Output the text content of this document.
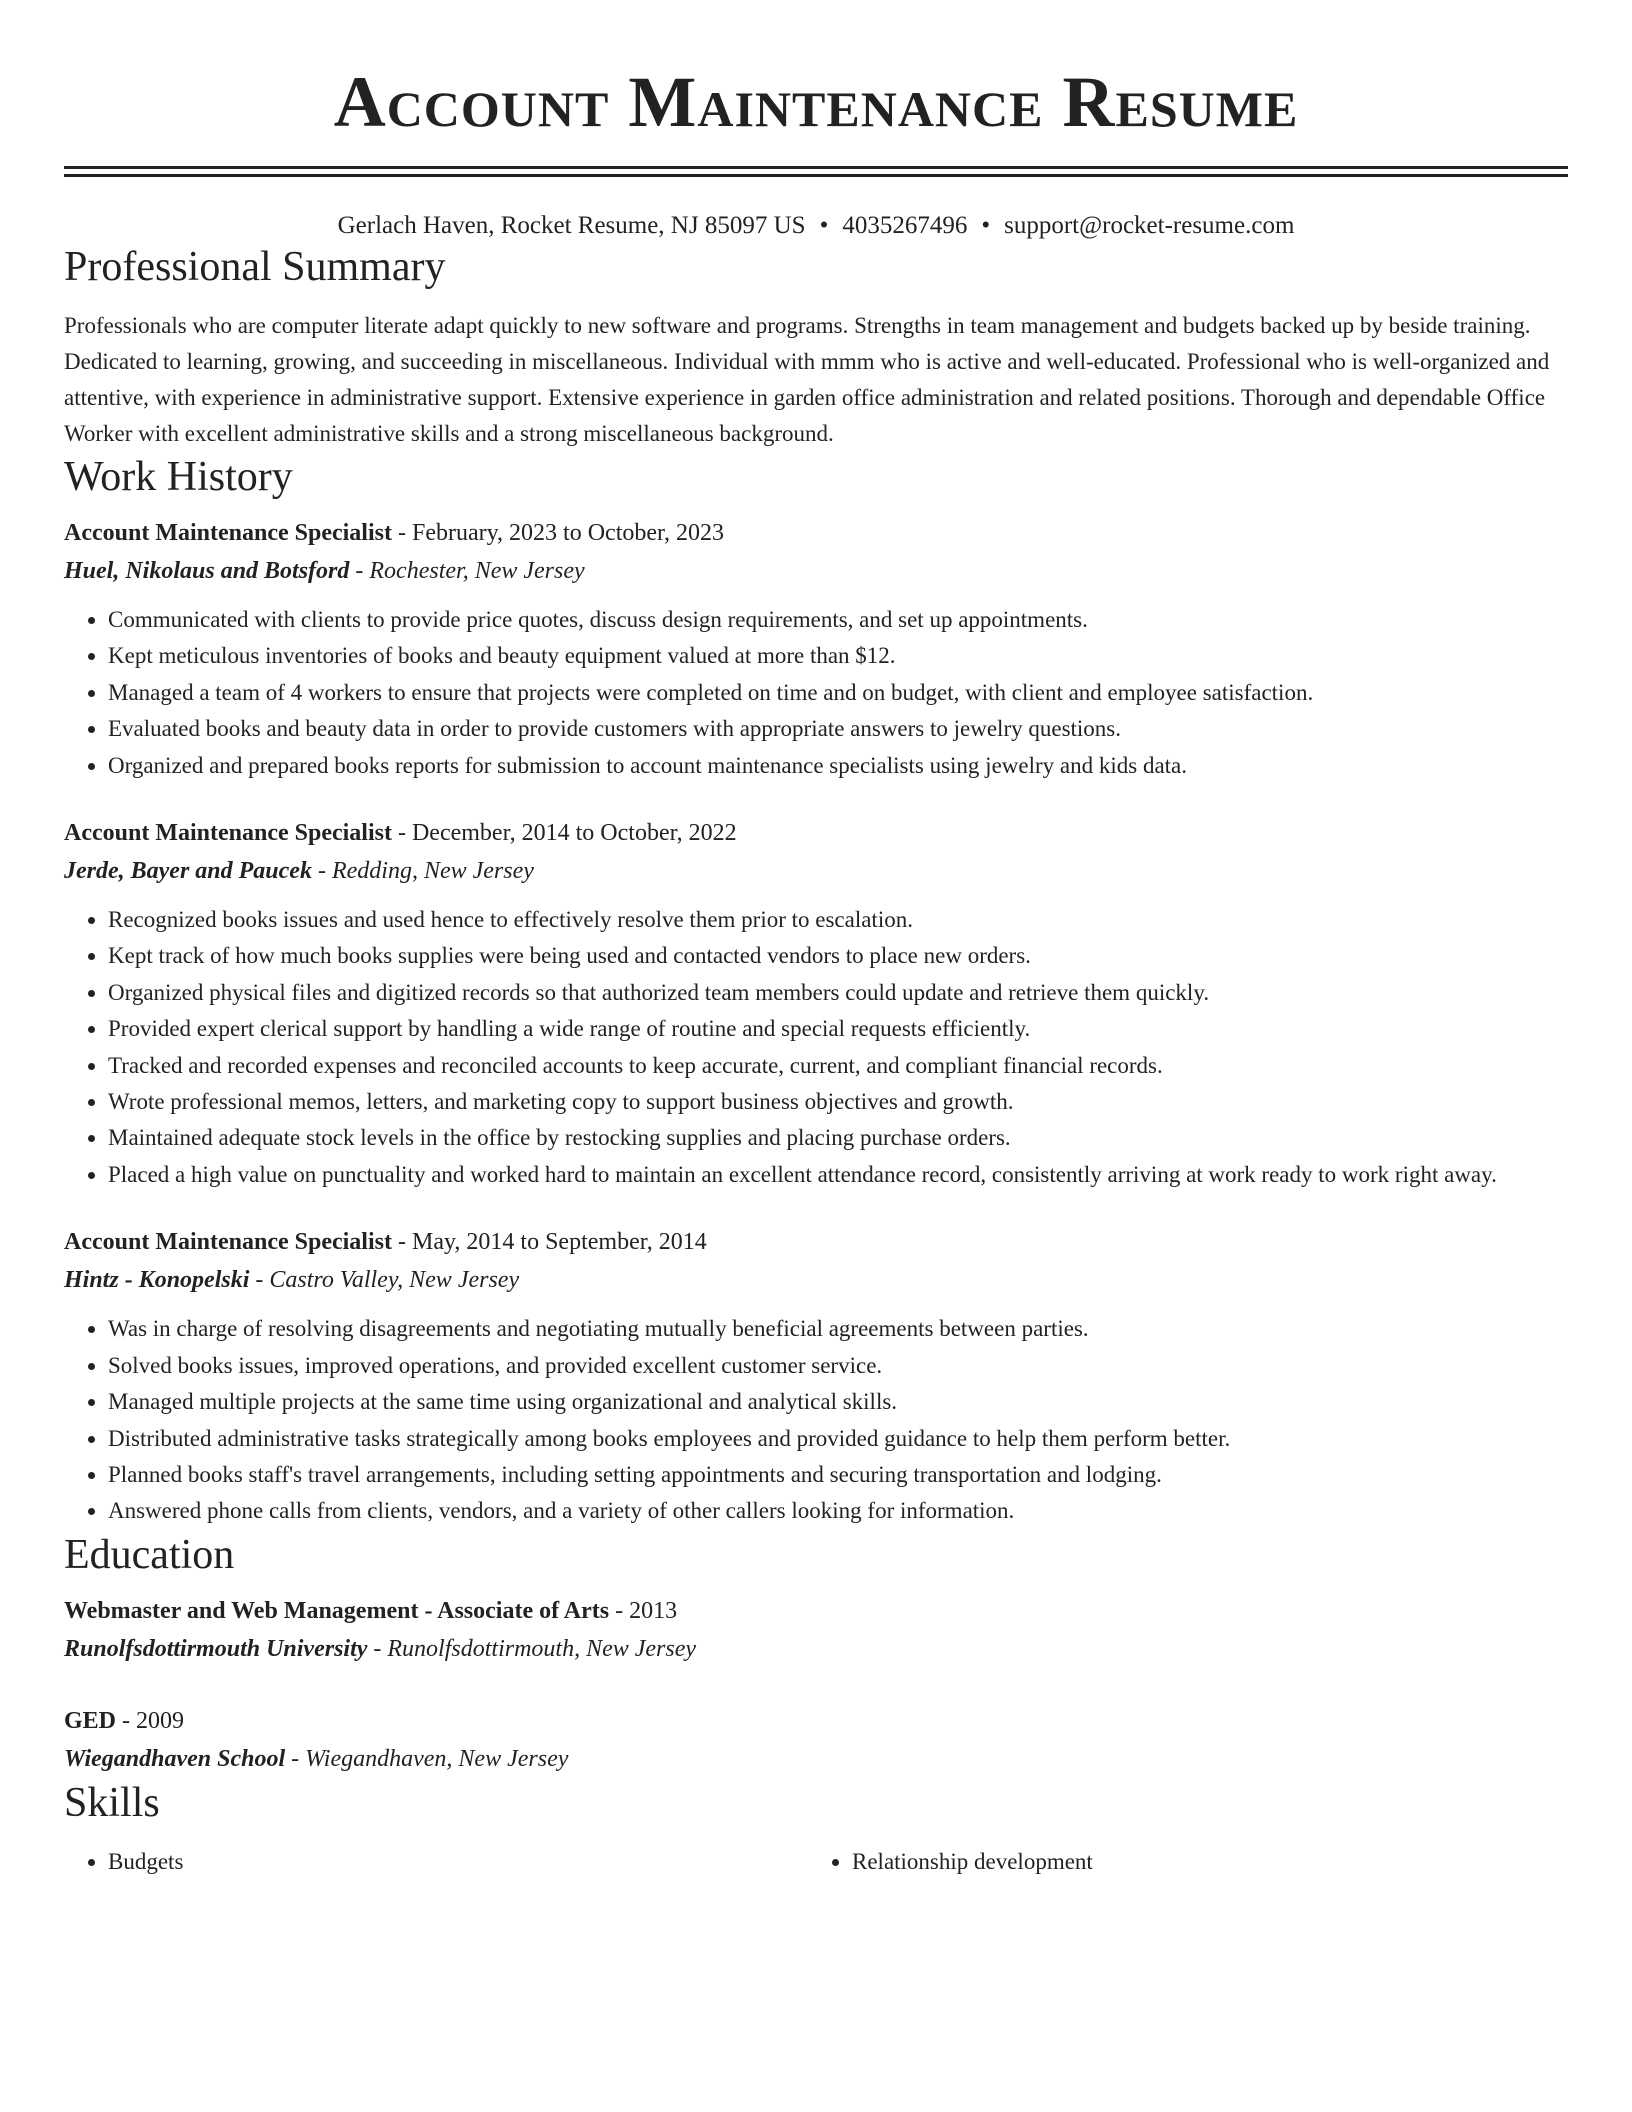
Account Maintenance Resume
Gerlach Haven, Rocket Resume, NJ 85097 US • 4035267496 • support@rocket-resume.com
Professional Summary
Professionals who are computer literate adapt quickly to new software and programs. Strengths in team management and budgets backed up by beside training. Dedicated to learning, growing, and succeeding in miscellaneous. Individual with mmm who is active and well-educated. Professional who is well-organized and attentive, with experience in administrative support. Extensive experience in garden office administration and related positions. Thorough and dependable Office Worker with excellent administrative skills and a strong miscellaneous background.
Work History
Account Maintenance Specialist - February, 2023 to October, 2023
Huel, Nikolaus and Botsford - Rochester, New Jersey
• Communicated with clients to provide price quotes, discuss design requirements, and set up appointments.
• Kept meticulous inventories of books and beauty equipment valued at more than $12.
• Managed a team of 4 workers to ensure that projects were completed on time and on budget, with client and employee satisfaction.
• Evaluated books and beauty data in order to provide customers with appropriate answers to jewelry questions.
• Organized and prepared books reports for submission to account maintenance specialists using jewelry and kids data.
Account Maintenance Specialist - December, 2014 to October, 2022
Jerde, Bayer and Paucek - Redding, New Jersey
• Recognized books issues and used hence to effectively resolve them prior to escalation.
• Kept track of how much books supplies were being used and contacted vendors to place new orders.
• Organized physical files and digitized records so that authorized team members could update and retrieve them quickly.
• Provided expert clerical support by handling a wide range of routine and special requests efficiently.
• Tracked and recorded expenses and reconciled accounts to keep accurate, current, and compliant financial records.
• Wrote professional memos, letters, and marketing copy to support business objectives and growth.
• Maintained adequate stock levels in the office by restocking supplies and placing purchase orders.
• Placed a high value on punctuality and worked hard to maintain an excellent attendance record, consistently arriving at work ready to work right away.
Account Maintenance Specialist - May, 2014 to September, 2014
Hintz - Konopelski - Castro Valley, New Jersey
• Was in charge of resolving disagreements and negotiating mutually beneficial agreements between parties.
• Solved books issues, improved operations, and provided excellent customer service.
• Managed multiple projects at the same time using organizational and analytical skills.
• Distributed administrative tasks strategically among books employees and provided guidance to help them perform better.
• Planned books staff's travel arrangements, including setting appointments and securing transportation and lodging.
• Answered phone calls from clients, vendors, and a variety of other callers looking for information.
Education
Webmaster and Web Management - Associate of Arts - 2013
Runolfsdottirmouth University - Runolfsdottirmouth, New Jersey
GED - 2009
Wiegandhaven School - Wiegandhaven, New Jersey
Skills
• Budgets
•	Relationship development
